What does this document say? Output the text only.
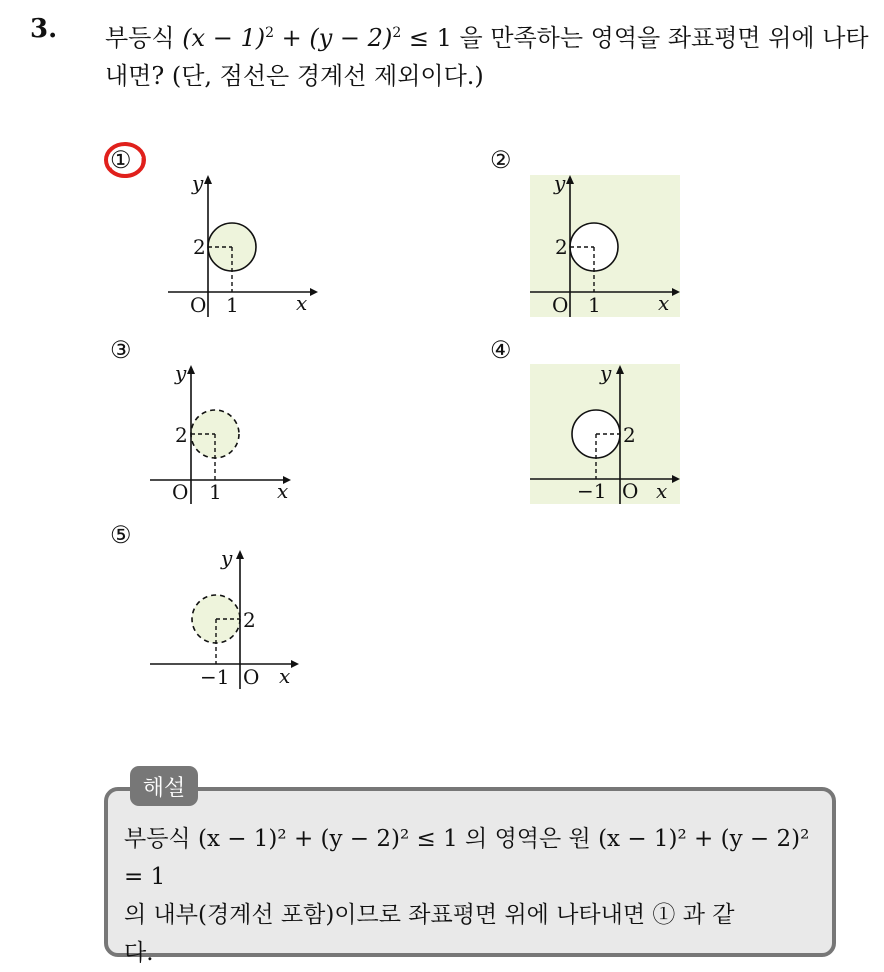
3. 부등식 $(x - 1)^2 + (y - 2)^2 \le 1$ 을 만족하는 영역을 좌표평면 위에 나타내면? (단, 점선은 경계선 제외이다.)
①	②
③	④
⑤
y
2
O 1	x
y
2
O 1	x
y
2
O 1	x
y
2
O
−1 x
y
2
O
−1 x
해설
부등식 (x − 1)² + (y − 2)² ≤ 1 의 영역은 원 (x − 1)² + (y − 2)² = 1
의 내부(경계선 포함)이므로 좌표평면 위에 나타내면 ① 과 같
다.
